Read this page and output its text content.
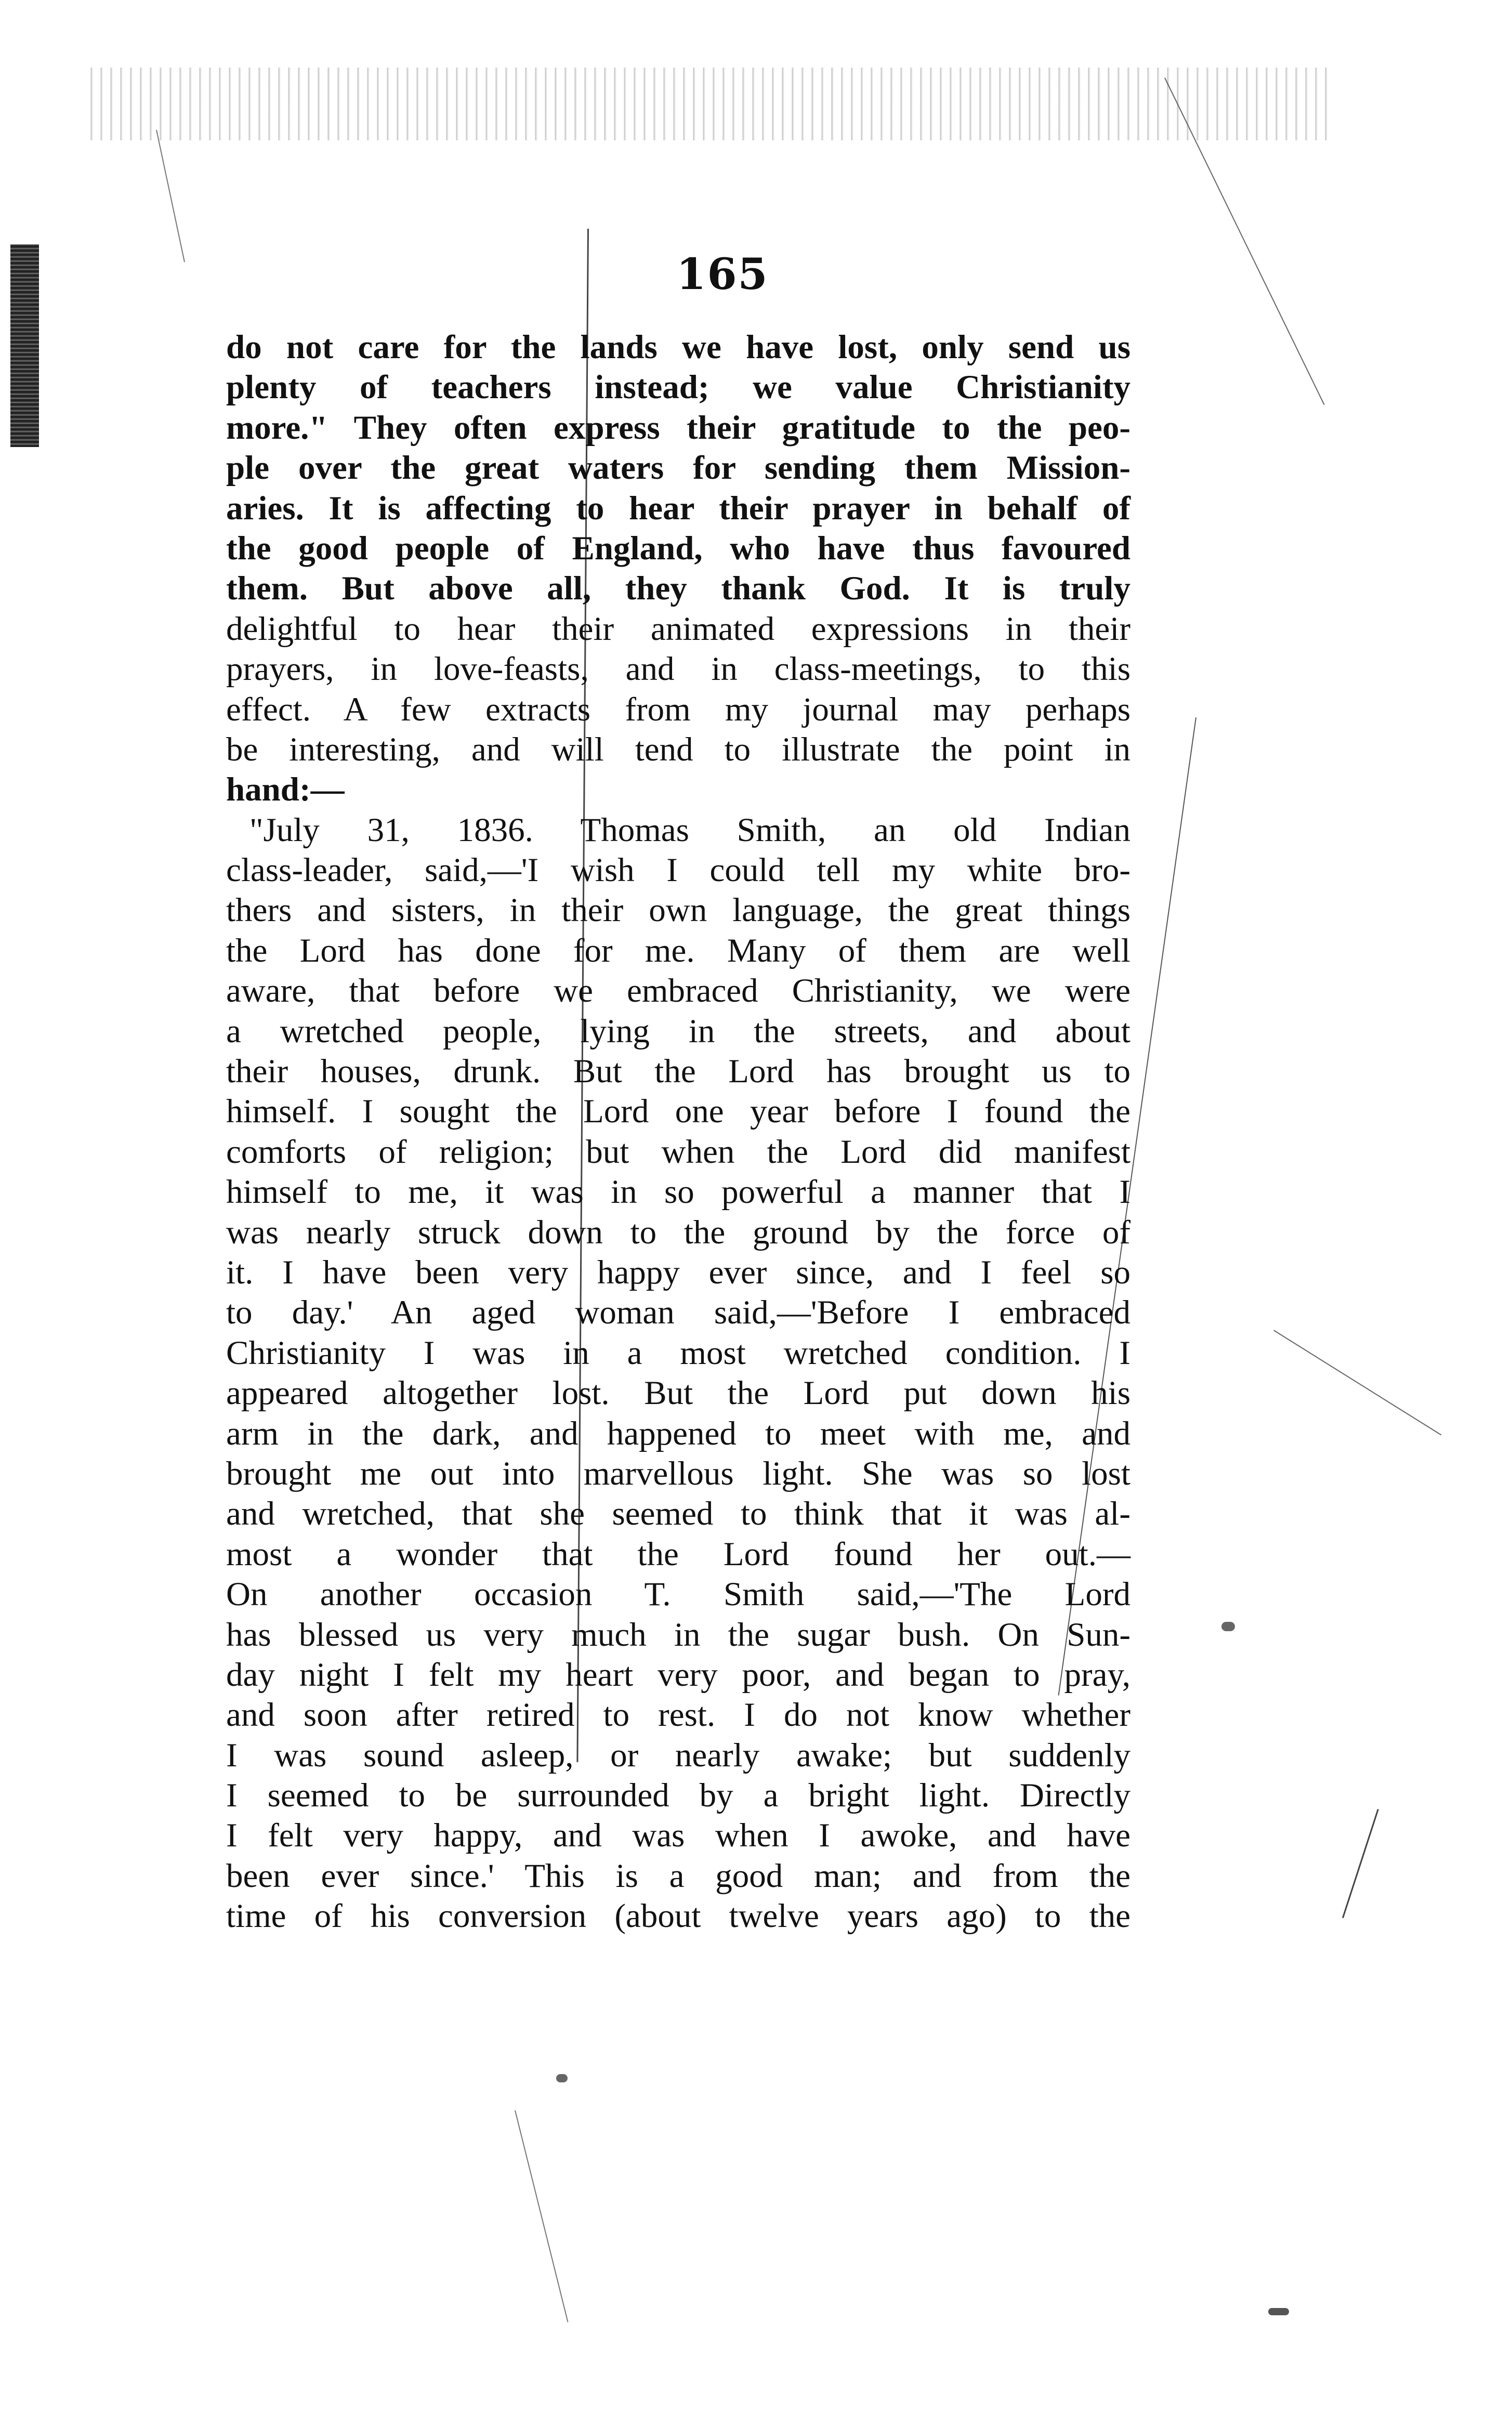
165
do not care for the lands we have lost, only send us
plenty of teachers instead; we value Christianity
more." They often express their gratitude to the peo-
ple over the great waters for sending them Mission-
aries. It is affecting to hear their prayer in behalf of
the good people of England, who have thus favoured
them. But above all, they thank God. It is truly
delightful to hear their animated expressions in their
prayers, in love-feasts, and in class-meetings, to this
effect. A few extracts from my journal may perhaps
be interesting, and will tend to illustrate the point in
hand:—
"July 31, 1836. Thomas Smith, an old Indian
class-leader, said,—'I wish I could tell my white bro-
thers and sisters, in their own language, the great things
the Lord has done for me. Many of them are well
aware, that before we embraced Christianity, we were
a wretched people, lying in the streets, and about
their houses, drunk. But the Lord has brought us to
himself. I sought the Lord one year before I found the
comforts of religion; but when the Lord did manifest
himself to me, it was in so powerful a manner that I
was nearly struck down to the ground by the force of
it. I have been very happy ever since, and I feel so
to day.' An aged woman said,—'Before I embraced
Christianity I was in a most wretched condition. I
appeared altogether lost. But the Lord put down his
arm in the dark, and happened to meet with me, and
brought me out into marvellous light. She was so lost
and wretched, that she seemed to think that it was al-
most a wonder that the Lord found her out.—
On another occasion T. Smith said,—'The Lord
has blessed us very much in the sugar bush. On Sun-
day night I felt my heart very poor, and began to pray,
and soon after retired to rest. I do not know whether
I was sound asleep, or nearly awake; but suddenly
I seemed to be surrounded by a bright light. Directly
I felt very happy, and was when I awoke, and have
been ever since.' This is a good man; and from the
time of his conversion (about twelve years ago) to the
